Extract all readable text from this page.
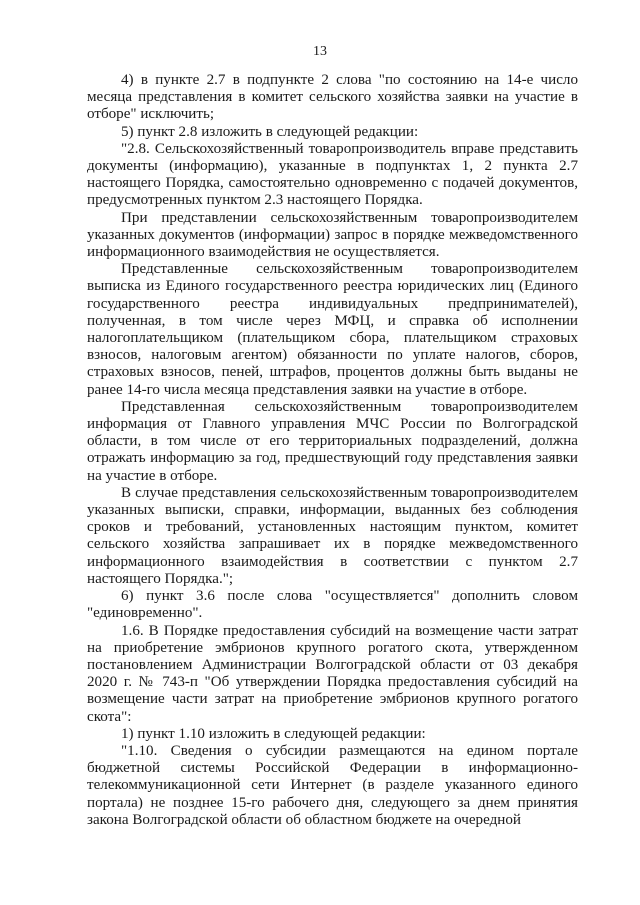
13

4) в пункте 2.7 в подпункте 2 слова "по состоянию на 14-е число месяца представления в комитет сельского хозяйства заявки на участие в отборе" исключить;

5) пункт 2.8 изложить в следующей редакции:

"2.8. Сельскохозяйственный товаропроизводитель вправе представить документы (информацию), указанные в подпунктах 1, 2 пункта 2.7 настоящего Порядка, самостоятельно одновременно с подачей документов, предусмотренных пунктом 2.3 настоящего Порядка.

При представлении сельскохозяйственным товаропроизводителем указанных документов (информации) запрос в порядке межведомственного информационного взаимодействия не осуществляется.

Представленные сельскохозяйственным товаропроизводителем выписка из Единого государственного реестра юридических лиц (Единого государственного реестра индивидуальных предпринимателей), полученная, в том числе через МФЦ, и справка об исполнении налогоплательщиком (плательщиком сбора, плательщиком страховых взносов, налоговым агентом) обязанности по уплате налогов, сборов, страховых взносов, пеней, штрафов, процентов должны быть выданы не ранее 14-го числа месяца представления заявки на участие в отборе.

Представленная сельскохозяйственным товаропроизводителем информация от Главного управления МЧС России по Волгоградской области, в том числе от его территориальных подразделений, должна отражать информацию за год, предшествующий году представления заявки на участие в отборе.

В случае представления сельскохозяйственным товаропроизводителем указанных выписки, справки, информации, выданных без соблюдения сроков и требований, установленных настоящим пунктом, комитет сельского хозяйства запрашивает их в порядке межведомственного информационного взаимодействия в соответствии с пунктом 2.7 настоящего Порядка.";

6) пункт 3.6 после слова "осуществляется" дополнить словом "единовременно".

1.6. В Порядке предоставления субсидий на возмещение части затрат на приобретение эмбрионов крупного рогатого скота, утвержденном постановлением Администрации Волгоградской области от 03 декабря 2020 г. № 743-п "Об утверждении Порядка предоставления субсидий на возмещение части затрат на приобретение эмбрионов крупного рогатого скота":

1) пункт 1.10 изложить в следующей редакции:

"1.10. Сведения о субсидии размещаются на едином портале бюджетной системы Российской Федерации в информационно-телекоммуникационной сети Интернет (в разделе указанного единого портала) не позднее 15-го рабочего дня, следующего за днем принятия закона Волгоградской области об областном бюджете на очередной
